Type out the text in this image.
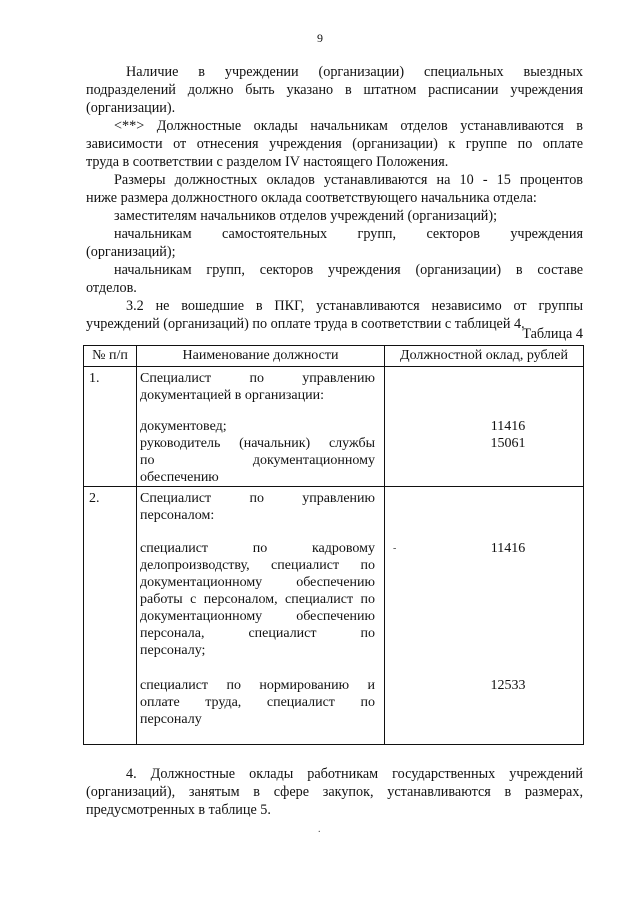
9
Наличие в учреждении (организации) специальных выездных
подразделений должно быть указано в штатном расписании учреждения
(организации).
<**> Должностные оклады начальникам отделов устанавливаются в
зависимости от отнесения учреждения (организации) к группе по оплате
труда в соответствии с разделом IV настоящего Положения.
Размеры должностных окладов устанавливаются на 10 - 15 процентов
ниже размера должностного оклада соответствующего начальника отдела:
заместителям начальников отделов учреждений (организаций);
начальникам самостоятельных групп, секторов учреждения
(организаций);
начальникам групп, секторов учреждения (организации) в составе
отделов.
3.2 не вошедшие в ПКГ, устанавливаются независимо от группы
учреждений (организаций) по оплате труда в соответствии с таблицей 4.
Таблица 4
№ п/п	Наименование должности	Должностной оклад, рублей
1.	Специалист по управлению
документацией в организации:
документовед;	11416
руководитель (начальник) службы	15061
по документационному
обеспечению
2.	Специалист по управлению
персоналом:
специалист по кадровому -	11416
делопроизводству, специалист по
документационному обеспечению
работы с персоналом, специалист по
документационному обеспечению
персонала, специалист по
персоналу;
специалист по нормированию и	12533
оплате труда, специалист по
персоналу
4. Должностные оклады работникам государственных учреждений
(организаций), занятым в сфере закупок, устанавливаются в размерах,
предусмотренных в таблице 5.
.
